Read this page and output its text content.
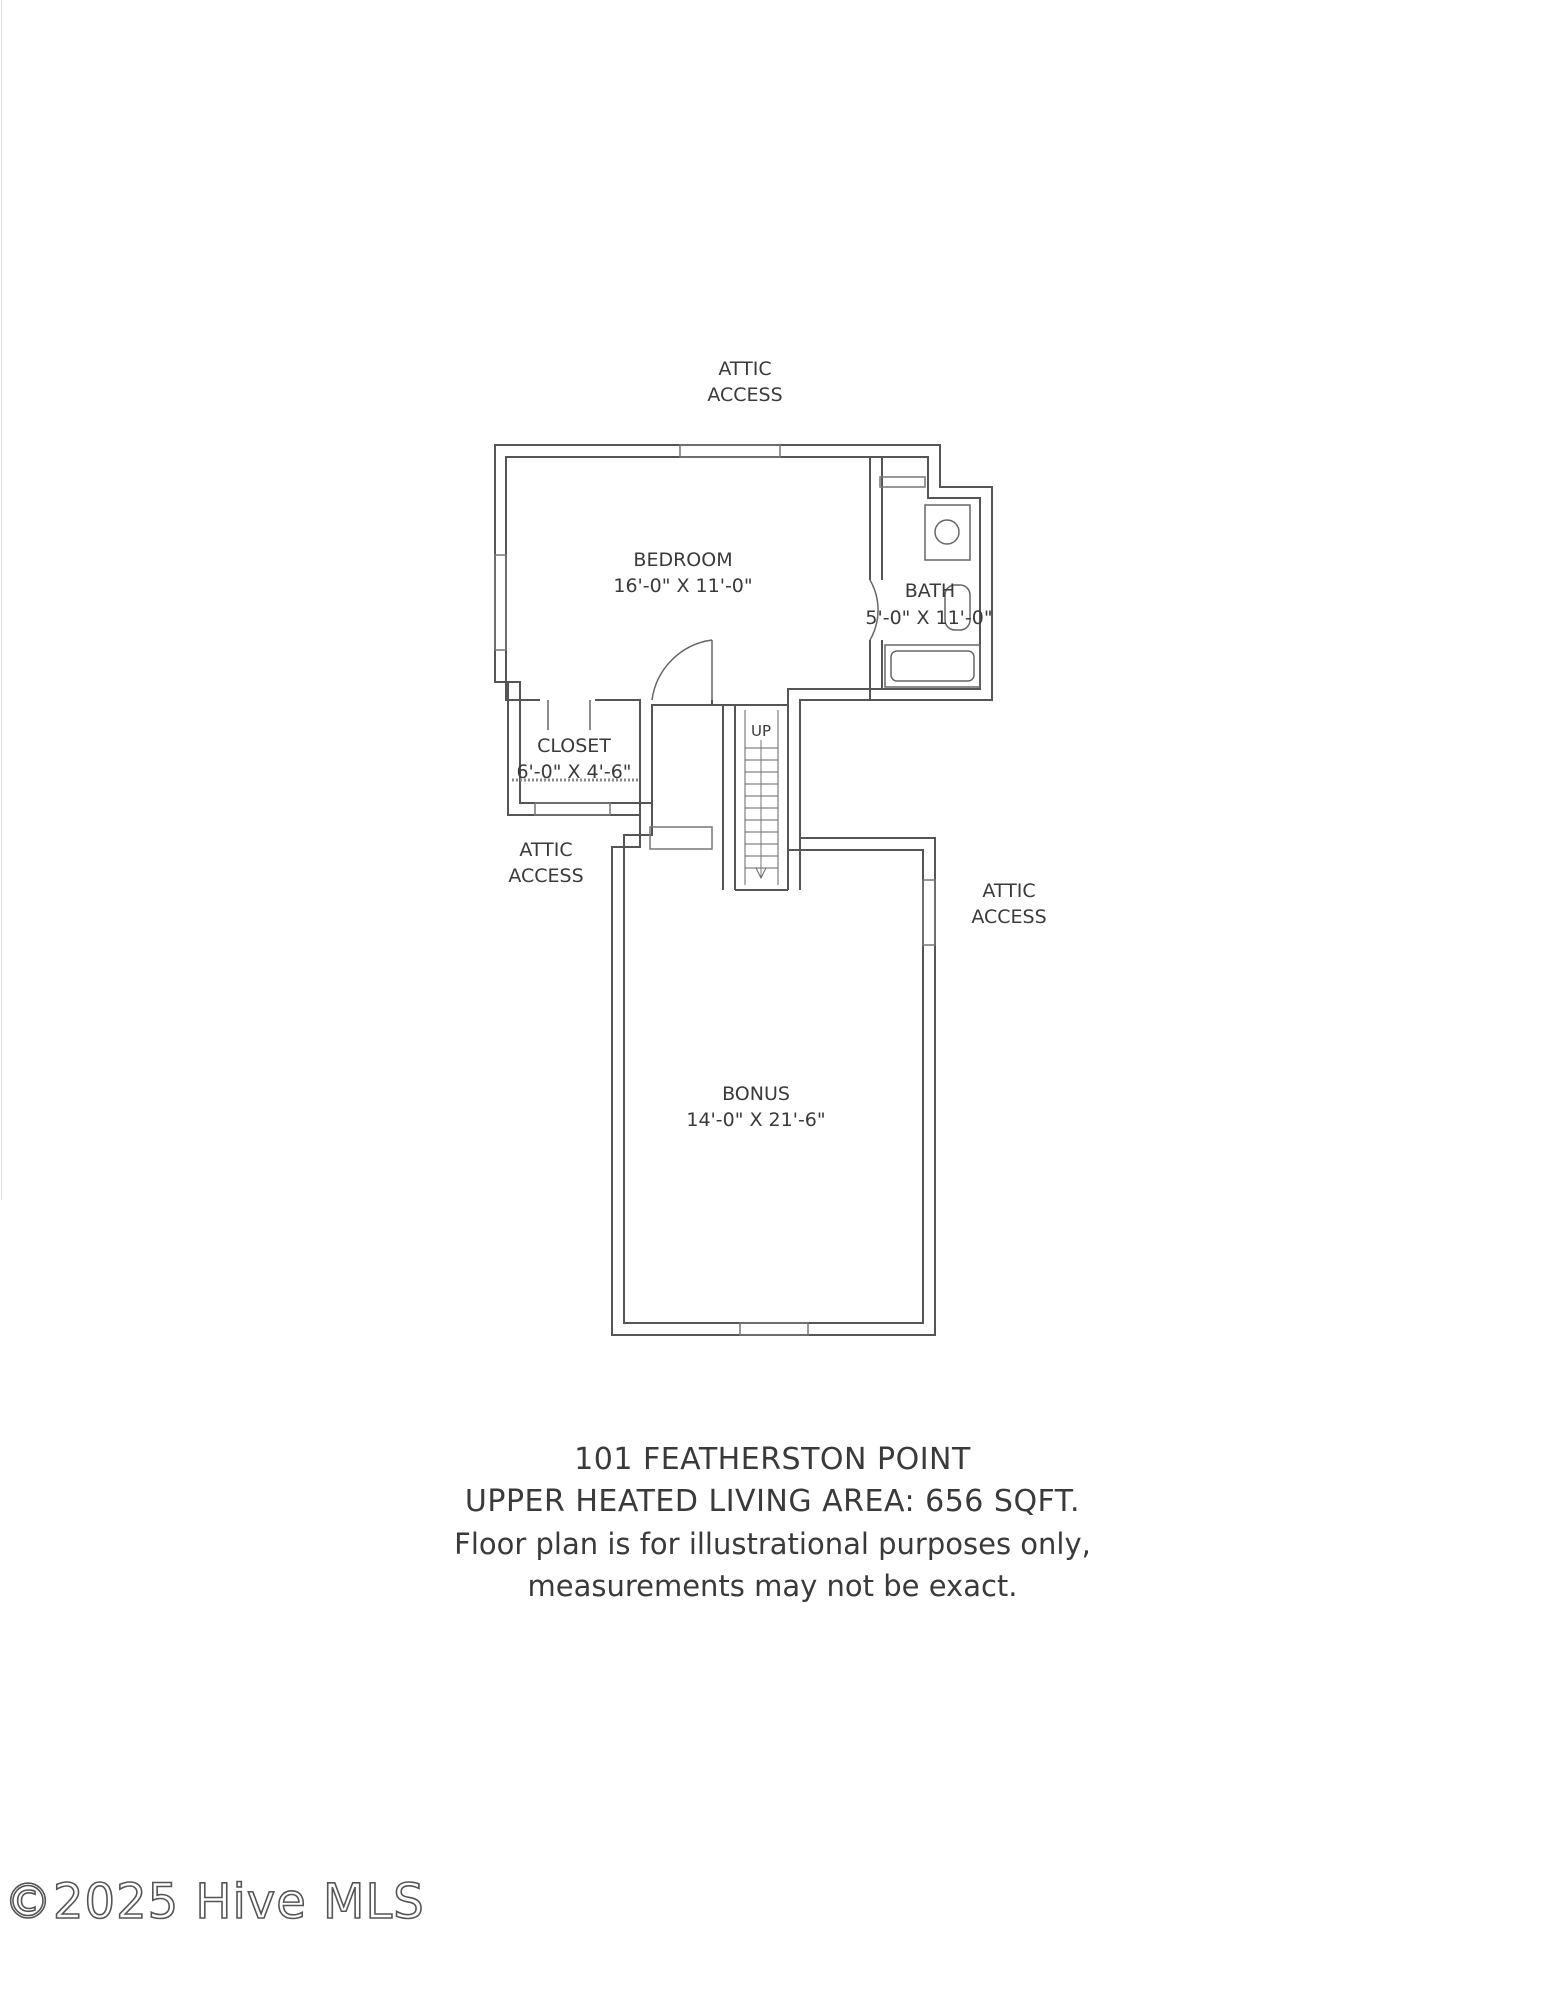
ATTIC
ACCESS
BEDROOM
16'-0" X 11'-0"	BATH
5'-0" X 11'-0"
CLOSET
6'-0" X 4'-6"
UP
ATTIC
ACCESS
ATTIC
ACCESS
BONUS
14'-0" X 21'-6"
101 FEATHERSTON POINT
UPPER HEATED LIVING AREA: 656 SQFT.
Floor plan is for illustrational purposes only,
measurements may not be exact.
©2025 Hive MLS
